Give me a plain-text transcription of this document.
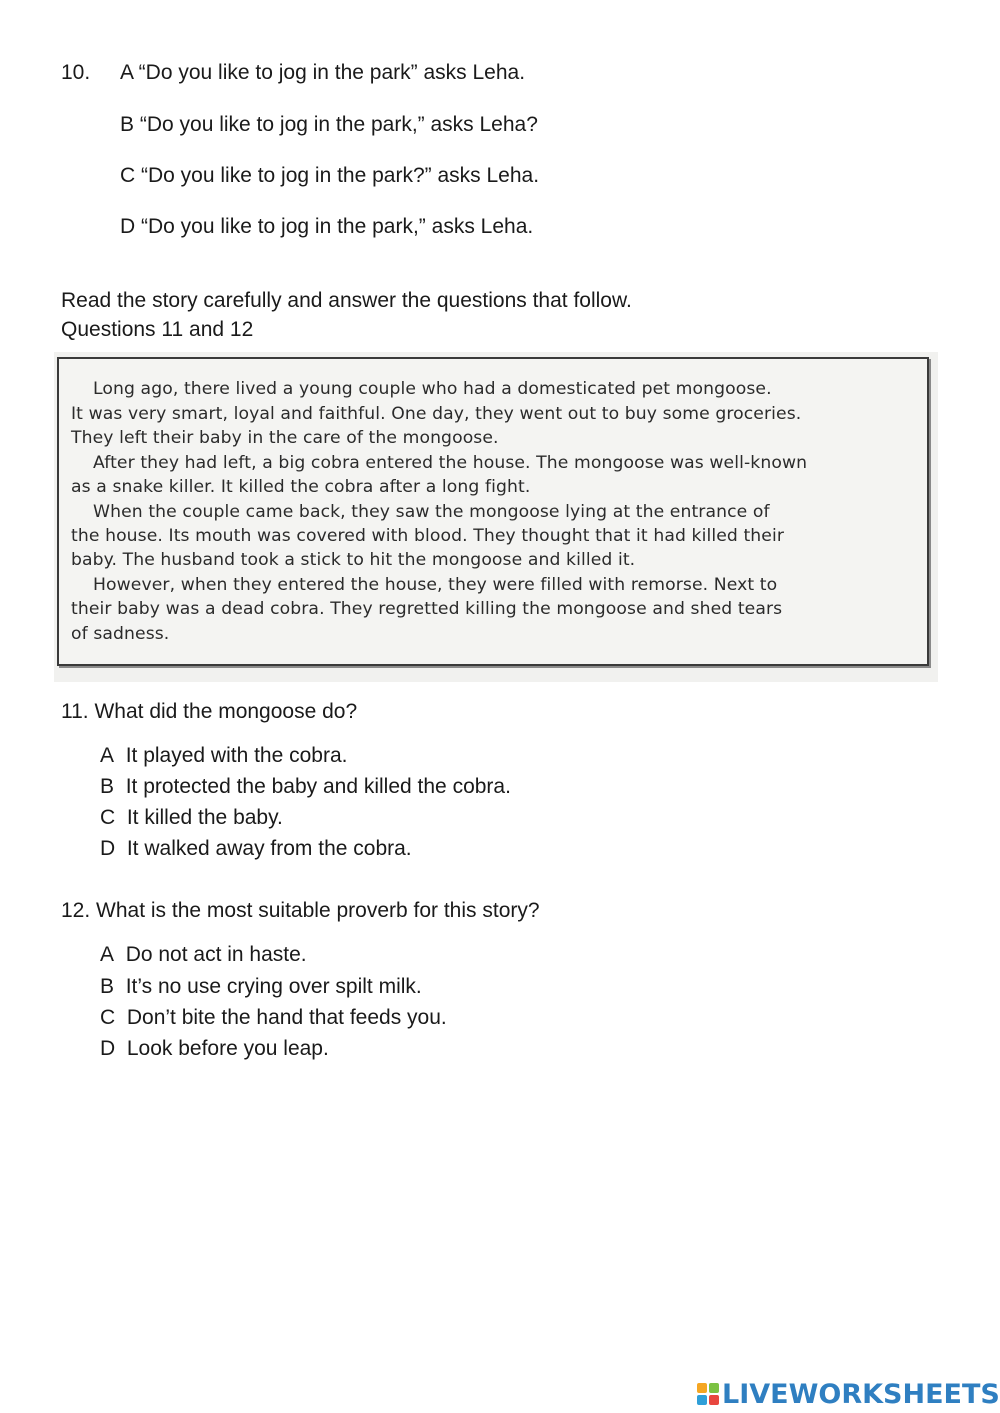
10. A “Do you like to jog in the park” asks Leha.
B “Do you like to jog in the park,” asks Leha?
C “Do you like to jog in the park?” asks Leha.
D “Do you like to jog in the park,” asks Leha.
Read the story carefully and answer the questions that follow.
Questions 11 and 12
Long ago, there lived a young couple who had a domesticated pet mongoose.
It was very smart, loyal and faithful. One day, they went out to buy some groceries.
They left their baby in the care of the mongoose.
After they had left, a big cobra entered the house. The mongoose was well-known
as a snake killer. It killed the cobra after a long fight.
When the couple came back, they saw the mongoose lying at the entrance of
the house. Its mouth was covered with blood. They thought that it had killed their
baby. The husband took a stick to hit the mongoose and killed it.
However, when they entered the house, they were filled with remorse. Next to
their baby was a dead cobra. They regretted killing the mongoose and shed tears
of sadness.
11. What did the mongoose do?
A It played with the cobra.
B It protected the baby and killed the cobra.
C It killed the baby.
D It walked away from the cobra.
12. What is the most suitable proverb for this story?
A Do not act in haste.
B It’s no use crying over spilt milk.
C Don’t bite the hand that feeds you.
D Look before you leap.
LIVEWORKSHEETS
